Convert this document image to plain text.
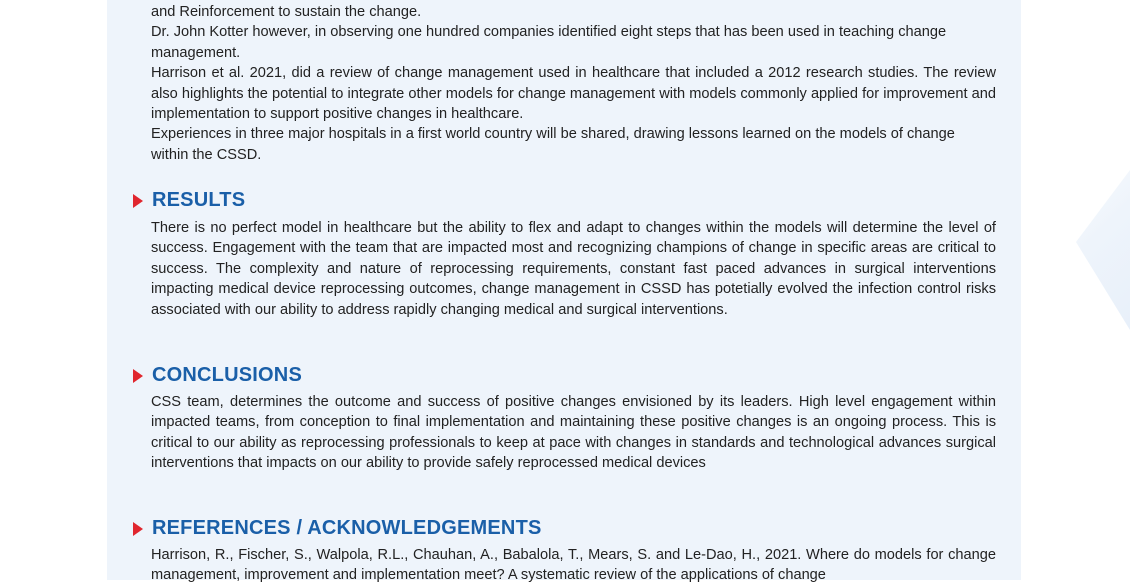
and Reinforcement to sustain the change.

Dr. John Kotter however, in observing one hundred companies identified eight steps that has been used in teaching change management.

Harrison et al. 2021, did a review of change management used in healthcare that included a 2012 research studies. The review also highlights the potential to integrate other models for change management with models commonly applied for improvement and implementation to support positive changes in healthcare.

Experiences in three major hospitals in a first world country will be shared, drawing lessons learned on the models of change within the CSSD.

RESULTS
There is no perfect model in healthcare but the ability to flex and adapt to changes within the models will determine the level of success. Engagement with the team that are impacted most and recognizing champions of change in specific areas are critical to success. The complexity and nature of reprocessing requirements, constant fast paced advances in surgical interventions impacting medical device reprocessing outcomes, change management in CSSD has potetially evolved the infection control risks associated with our ability to address rapidly changing medical and surgical interventions.
CONCLUSIONS
CSS team, determines the outcome and success of positive changes envisioned by its leaders. High level engagement within impacted teams, from conception to final implementation and maintaining these positive changes is an ongoing process. This is critical to our ability as reprocessing professionals to keep at pace with changes in standards and technological advances surgical interventions that impacts on our ability to provide safely reprocessed medical devices
REFERENCES / ACKNOWLEDGEMENTS
Harrison, R., Fischer, S., Walpola, R.L., Chauhan, A., Babalola, T., Mears, S. and Le-Dao, H., 2021. Where do models for change management, improvement and implementation meet? A systematic review of the applications of change
